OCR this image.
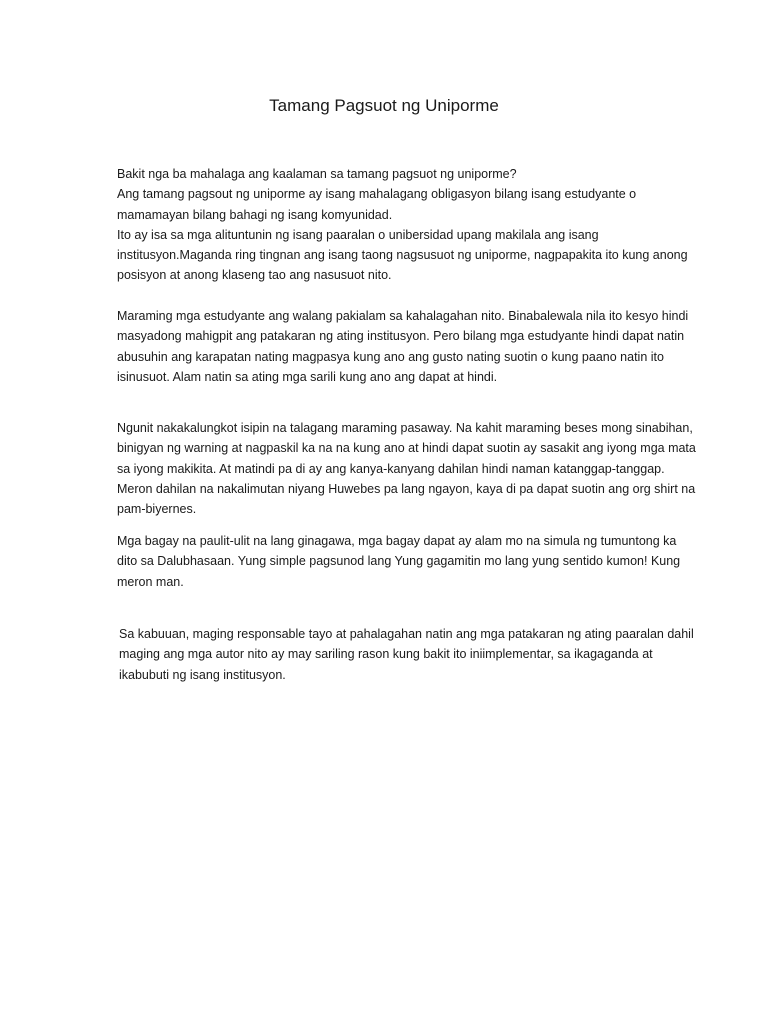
Tamang Pagsuot ng Uniporme
Bakit nga ba mahalaga ang kaalaman sa tamang pagsuot ng uniporme?
Ang tamang pagsout ng uniporme ay isang mahalagang obligasyon bilang isang estudyante o
mamamayan bilang bahagi ng isang komyunidad.
Ito ay isa sa mga alituntunin ng isang paaralan o unibersidad upang makilala ang isang
institusyon.Maganda ring tingnan ang isang taong nagsusuot ng uniporme, nagpapakita ito kung anong
posisyon at anong klaseng tao ang nasusuot nito.
Maraming mga estudyante ang walang pakialam sa kahalagahan nito. Binabalewala nila ito kesyo hindi
masyadong mahigpit ang patakaran ng ating institusyon. Pero bilang mga estudyante hindi dapat natin
abusuhin ang karapatan nating magpasya kung ano ang gusto nating suotin o kung paano natin ito
isinusuot. Alam natin sa ating mga sarili kung ano ang dapat at hindi.
Ngunit nakakalungkot isipin na talagang maraming pasaway. Na kahit maraming beses mong sinabihan,
binigyan ng warning at nagpaskil ka na na kung ano at hindi dapat suotin ay sasakit ang iyong mga mata
sa iyong makikita. At matindi pa di ay ang kanya-kanyang dahilan hindi naman katanggap-tanggap.
Meron dahilan na nakalimutan niyang Huwebes pa lang ngayon, kaya di pa dapat suotin ang org shirt na
pam-biyernes.
Mga bagay na paulit-ulit na lang ginagawa, mga bagay dapat ay alam mo na simula ng tumuntong ka
dito sa Dalubhasaan. Yung simple pagsunod lang Yung gagamitin mo lang yung sentido kumon! Kung
meron man.
Sa kabuuan, maging responsable tayo at pahalagahan natin ang mga patakaran ng ating paaralan dahil
maging ang mga autor nito ay may sariling rason kung bakit ito iniimplementar, sa ikagaganda at
ikabubuti ng isang institusyon.
